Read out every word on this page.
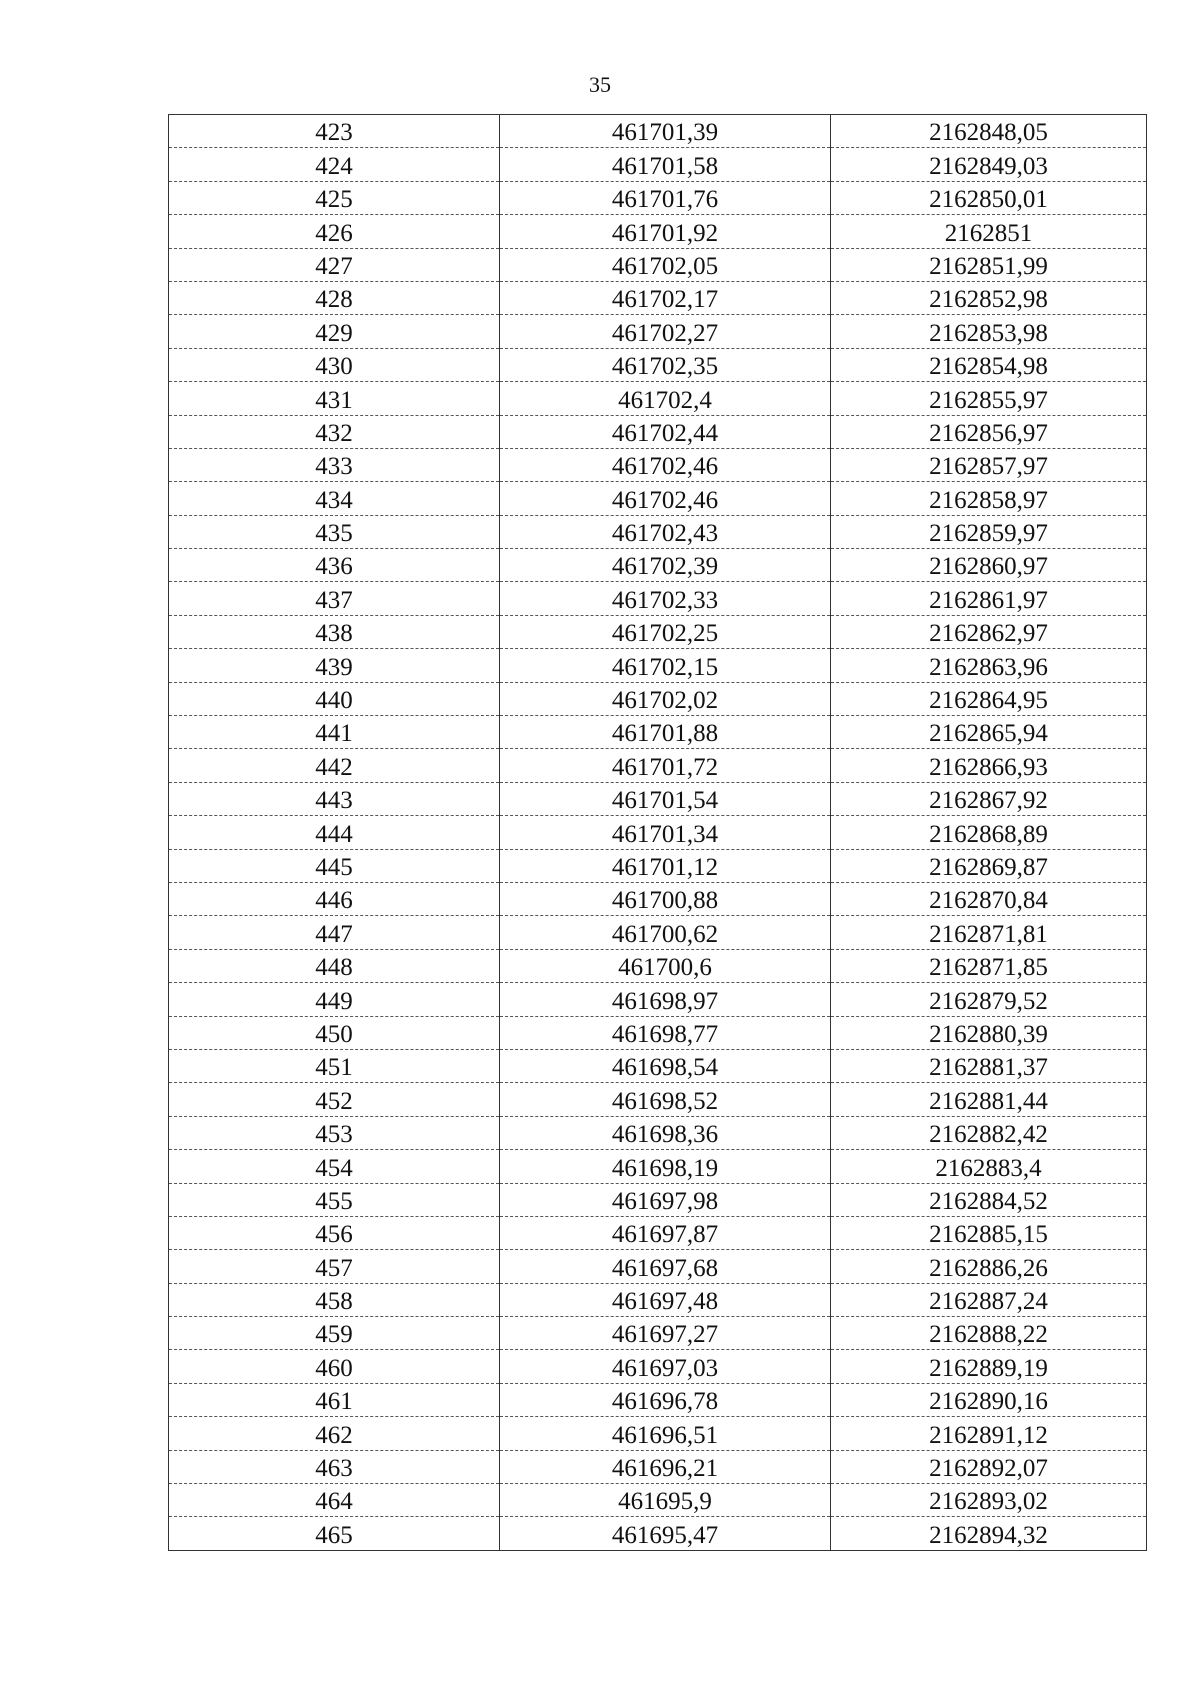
35
423	461701,39	2162848,05
424	461701,58	2162849,03
425	461701,76	2162850,01
426	461701,92	2162851
427	461702,05	2162851,99
428	461702,17	2162852,98
429	461702,27	2162853,98
430	461702,35	2162854,98
431	461702,4	2162855,97
432	461702,44	2162856,97
433	461702,46	2162857,97
434	461702,46	2162858,97
435	461702,43	2162859,97
436	461702,39	2162860,97
437	461702,33	2162861,97
438	461702,25	2162862,97
439	461702,15	2162863,96
440	461702,02	2162864,95
441	461701,88	2162865,94
442	461701,72	2162866,93
443	461701,54	2162867,92
444	461701,34	2162868,89
445	461701,12	2162869,87
446	461700,88	2162870,84
447	461700,62	2162871,81
448	461700,6	2162871,85
449	461698,97	2162879,52
450	461698,77	2162880,39
451	461698,54	2162881,37
452	461698,52	2162881,44
453	461698,36	2162882,42
454	461698,19	2162883,4
455	461697,98	2162884,52
456	461697,87	2162885,15
457	461697,68	2162886,26
458	461697,48	2162887,24
459	461697,27	2162888,22
460	461697,03	2162889,19
461	461696,78	2162890,16
462	461696,51	2162891,12
463	461696,21	2162892,07
464	461695,9	2162893,02
465	461695,47	2162894,32
